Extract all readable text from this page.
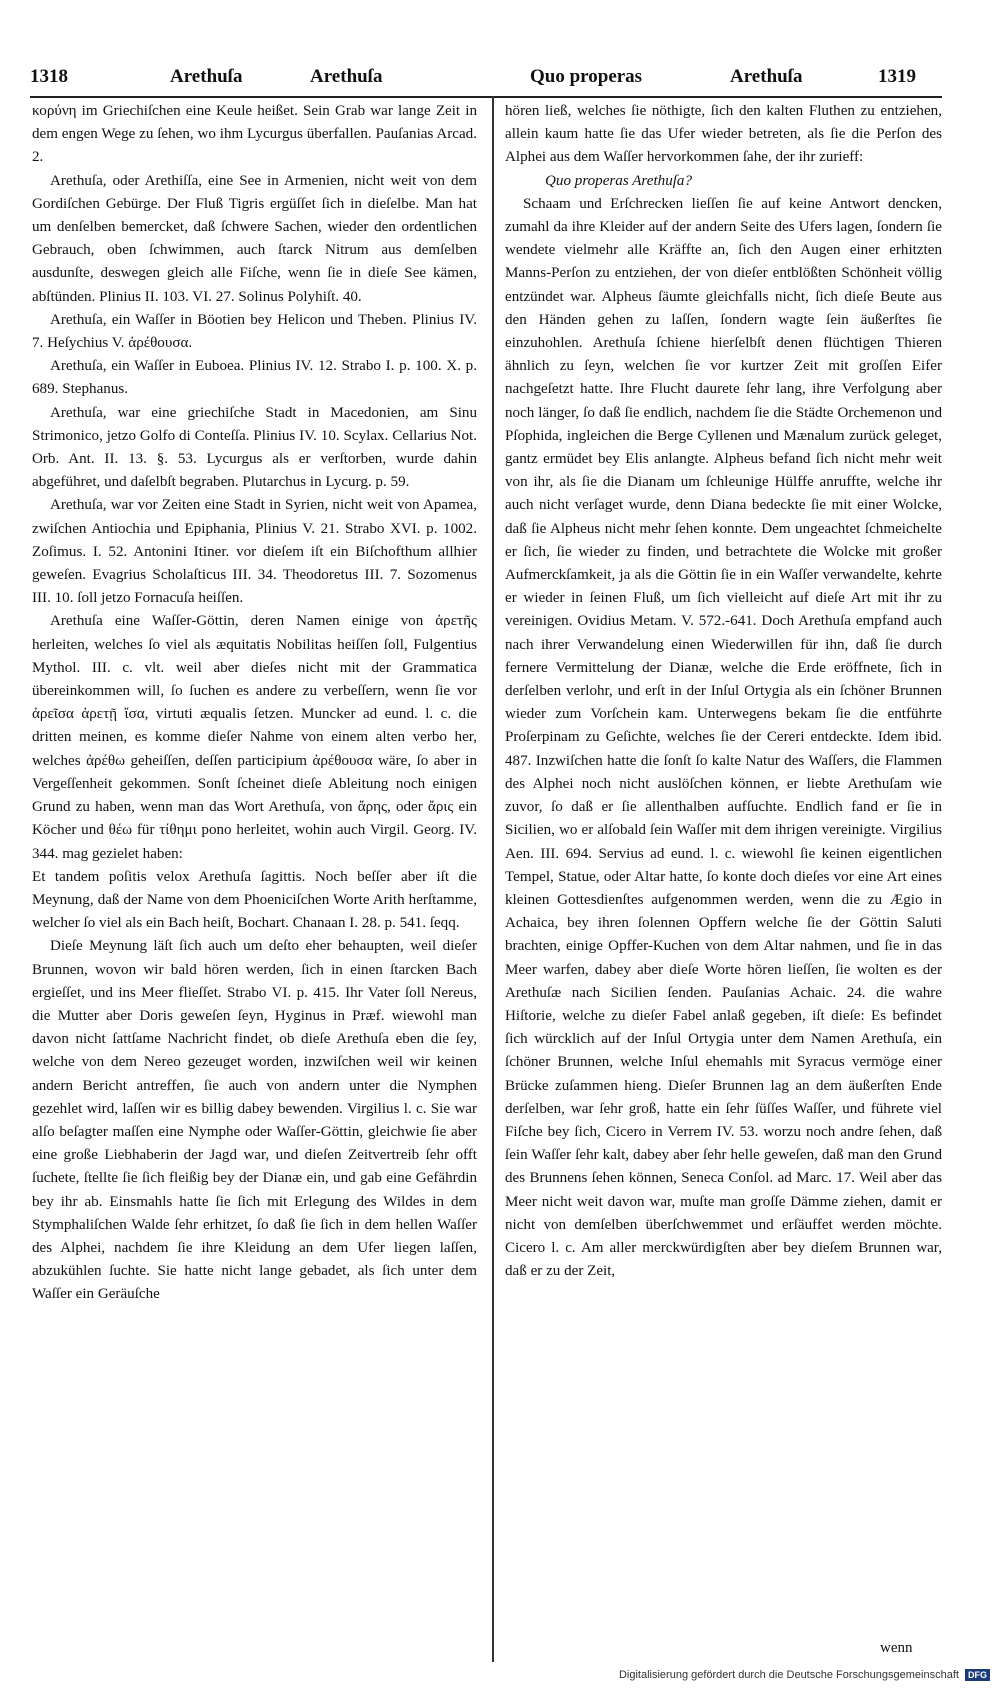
1318	Arethuſa	Arethuſa	Quo properas	Arethuſa	1319

κορύνη im Griechiſchen eine Keule heißet. Sein Grab war lange Zeit in dem engen Wege zu ſehen, wo ihm Lycurgus überfallen. Pauſanias Arcad. 2.

Arethuſa, oder Arethiſſa, eine See in Armenien, nicht weit von dem Gordiſchen Gebürge. Der Fluß Tigris ergüſſet ſich in dieſelbe. Man hat um denſelben bemercket, daß ſchwere Sachen, wieder den ordentlichen Gebrauch, oben ſchwimmen, auch ſtarck Nitrum aus demſelben ausdunſte, deswegen gleich alle Fiſche, wenn ſie in dieſe See kämen, abſtünden. Plinius II. 103. VI. 27. Solinus Polyhiſt. 40.

Arethuſa, ein Waſſer in Böotien bey Helicon und Theben. Plinius IV. 7. Heſychius V. ἀρέθουσα.

Arethuſa, ein Waſſer in Euboea. Plinius IV. 12. Strabo I. p. 100. X. p. 689. Stephanus.

Arethuſa, war eine griechiſche Stadt in Macedonien, am Sinu Strimonico, jetzo Golfo di Conteſſa. Plinius IV. 10. Scylax. Cellarius Not. Orb. Ant. II. 13. §. 53. Lycurgus als er verſtorben, wurde dahin abgeführet, und daſelbſt begraben. Plutarchus in Lycurg. p. 59.

Arethuſa, war vor Zeiten eine Stadt in Syrien, nicht weit von Apamea, zwiſchen Antiochia und Epiphania, Plinius V. 21. Strabo XVI. p. 1002. Zoſimus. I. 52. Antonini Itiner. vor dieſem iſt ein Biſchofthum allhier geweſen. Evagrius Scholaſticus III. 34. Theodoretus III. 7. Sozomenus III. 10. ſoll jetzo Fornacuſa heiſſen.

Arethuſa eine Waſſer-Göttin, deren Namen einige von ἀρετῆς herleiten, welches ſo viel als æquitatis Nobilitas heiſſen ſoll, Fulgentius Mythol. III. c. vlt. weil aber dieſes nicht mit der Grammatica übereinkommen will, ſo ſuchen es andere zu verbeſſern, wenn ſie vor ἀρεῖσα ἀρετῇ ἴσα, virtuti æqualis ſetzen. Muncker ad eund. l. c. die dritten meinen, es komme dieſer Nahme von einem alten verbo her, welches ἀρέθω geheiſſen, deſſen participium ἀρέθουσα wäre, ſo aber in Vergeſſenheit gekommen. Sonſt ſcheinet dieſe Ableitung noch einigen Grund zu haben, wenn man das Wort Arethuſa, von ἄρης, oder ἄρις ein Köcher und θέω für τίθημι pono herleitet, wohin auch Virgil. Georg. IV. 344. mag gezielet haben:

Et tandem poſitis velox Arethuſa ſagittis. Noch beſſer aber iſt die Meynung, daß der Name von dem Phoeniciſchen Worte Arith herſtamme, welcher ſo viel als ein Bach heiſt, Bochart. Chanaan I. 28. p. 541. ſeqq.

Dieſe Meynung läſt ſich auch um deſto eher behaupten, weil dieſer Brunnen, wovon wir bald hören werden, ſich in einen ſtarcken Bach ergieſſet, und ins Meer flieſſet. Strabo VI. p. 415. Ihr Vater ſoll Nereus, die Mutter aber Doris geweſen ſeyn, Hyginus in Præf. wiewohl man davon nicht ſattſame Nachricht findet, ob dieſe Arethuſa eben die ſey, welche von dem Nereo gezeuget worden, inzwiſchen weil wir keinen andern Bericht antreffen, ſie auch von andern unter die Nymphen gezehlet wird, laſſen wir es billig dabey bewenden. Virgilius l. c. Sie war alſo beſagter maſſen eine Nymphe oder Waſſer-Göttin, gleichwie ſie aber eine große Liebhaberin der Jagd war, und dieſen Zeitvertreib ſehr offt ſuchete, ſtellte ſie ſich fleißig bey der Dianæ ein, und gab eine Gefährdin bey ihr ab. Einsmahls hatte ſie ſich mit Erlegung des Wildes in dem Stymphaliſchen Walde ſehr erhitzet, ſo daß ſie ſich in dem hellen Waſſer des Alphei, nachdem ſie ihre Kleidung an dem Ufer liegen laſſen, abzukühlen ſuchte. Sie hatte nicht lange gebadet, als ſich unter dem Waſſer ein Geräuſche

hören ließ, welches ſie nöthigte, ſich den kalten Fluthen zu entziehen, allein kaum hatte ſie das Ufer wieder betreten, als ſie die Perſon des Alphei aus dem Waſſer hervorkommen ſahe, der ihr zurieff:

Quo properas Arethuſa?

Schaam und Erſchrecken lieſſen ſie auf keine Antwort dencken, zumahl da ihre Kleider auf der andern Seite des Ufers lagen, ſondern ſie wendete vielmehr alle Kräffte an, ſich den Augen einer erhitzten Manns-Perſon zu entziehen, der von dieſer entblößten Schönheit völlig entzündet war. Alpheus ſäumte gleichfalls nicht, ſich dieſe Beute aus den Händen gehen zu laſſen, ſondern wagte ſein äußerſtes ſie einzuhohlen. Arethuſa ſchiene hierſelbſt denen flüchtigen Thieren ähnlich zu ſeyn, welchen ſie vor kurtzer Zeit mit groſſen Eifer nachgeſetzt hatte. Ihre Flucht daurete ſehr lang, ihre Verfolgung aber noch länger, ſo daß ſie endlich, nachdem ſie die Städte Orchemenon und Pſophida, ingleichen die Berge Cyllenen und Mænalum zurück geleget, gantz ermüdet bey Elis anlangte. Alpheus befand ſich nicht mehr weit von ihr, als ſie die Dianam um ſchleunige Hülffe anruffte, welche ihr auch nicht verſaget wurde, denn Diana bedeckte ſie mit einer Wolcke, daß ſie Alpheus nicht mehr ſehen konnte. Dem ungeachtet ſchmeichelte er ſich, ſie wieder zu finden, und betrachtete die Wolcke mit großer Aufmerckſamkeit, ja als die Göttin ſie in ein Waſſer verwandelte, kehrte er wieder in ſeinen Fluß, um ſich vielleicht auf dieſe Art mit ihr zu vereinigen. Ovidius Metam. V. 572.-641. Doch Arethuſa empfand auch nach ihrer Verwandelung einen Wiederwillen für ihn, daß ſie durch fernere Vermittelung der Dianæ, welche die Erde eröffnete, ſich in derſelben verlohr, und erſt in der Inſul Ortygia als ein ſchöner Brunnen wieder zum Vorſchein kam. Unterwegens bekam ſie die entführte Proſerpinam zu Geſichte, welches ſie der Cereri entdeckte. Idem ibid. 487. Inzwiſchen hatte die ſonſt ſo kalte Natur des Waſſers, die Flammen des Alphei noch nicht auslöſchen können, er liebte Arethuſam wie zuvor, ſo daß er ſie allenthalben aufſuchte. Endlich fand er ſie in Sicilien, wo er alſobald ſein Waſſer mit dem ihrigen vereinigte. Virgilius Aen. III. 694. Servius ad eund. l. c. wiewohl ſie keinen eigentlichen Tempel, Statue, oder Altar hatte, ſo konte doch dieſes vor eine Art eines kleinen Gottesdienſtes aufgenommen werden, wenn die zu Ægio in Achaica, bey ihren ſolennen Opffern welche ſie der Göttin Saluti brachten, einige Opffer-Kuchen von dem Altar nahmen, und ſie in das Meer warfen, dabey aber dieſe Worte hören lieſſen, ſie wolten es der Arethuſæ nach Sicilien ſenden. Pauſanias Achaic. 24. die wahre Hiſtorie, welche zu dieſer Fabel anlaß gegeben, iſt dieſe: Es befindet ſich würcklich auf der Inſul Ortygia unter dem Namen Arethuſa, ein ſchöner Brunnen, welche Inſul ehemahls mit Syracus vermöge einer Brücke zuſammen hieng. Dieſer Brunnen lag an dem äußerſten Ende derſelben, war ſehr groß, hatte ein ſehr ſüſſes Waſſer, und führete viel Fiſche bey ſich, Cicero in Verrem IV. 53. worzu noch andre ſehen, daß ſein Waſſer ſehr kalt, dabey aber ſehr helle geweſen, daß man den Grund des Brunnens ſehen können, Seneca Conſol. ad Marc. 17. Weil aber das Meer nicht weit davon war, muſte man groſſe Dämme ziehen, damit er nicht von demſelben überſchwemmet und erſäuffet werden möchte. Cicero l. c. Am aller merckwürdigſten aber bey dieſem Brunnen war, daß er zu der Zeit,

wenn
Digitalisierung gefördert durch die Deutsche Forschungsgemeinschaft DFG
